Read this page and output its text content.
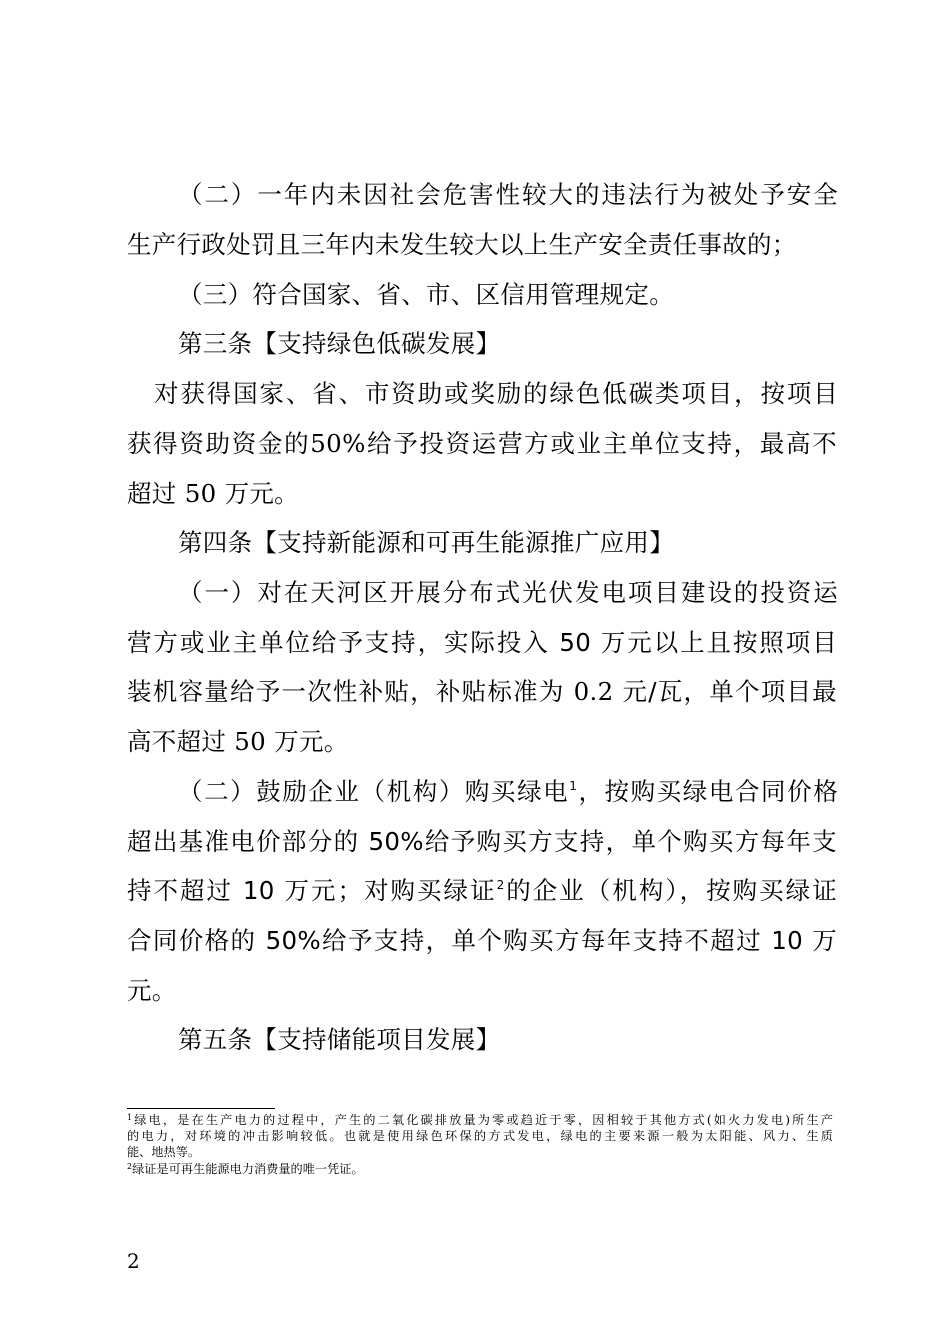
（二）一年内未因社会危害性较大的违法行为被处予安全
生产行政处罚且三年内未发生较大以上生产安全责任事故的；
（三）符合国家、省、市、区信用管理规定。
第三条【支持绿色低碳发展】
对获得国家、省、市资助或奖励的绿色低碳类项目，按项目
获得资助资金的50%给予投资运营方或业主单位支持，最高不
超过 50 万元。
第四条【支持新能源和可再生能源推广应用】
（一）对在天河区开展分布式光伏发电项目建设的投资运
营方或业主单位给予支持，实际投入 50 万元以上且按照项目
装机容量给予一次性补贴，补贴标准为 0.2 元/瓦，单个项目最
高不超过 50 万元。
（二）鼓励企业（机构）购买绿电$^1$，按购买绿电合同价格
超出基准电价部分的 50%给予购买方支持，单个购买方每年支
持不超过 10 万元；对购买绿证$^2$的企业（机构），按购买绿证
合同价格的 50%给予支持，单个购买方每年支持不超过 10 万
元。
第五条【支持储能项目发展】
$^1$绿电，是在生产电力的过程中，产生的二氧化碳排放量为零或趋近于零，因相较于其他方式(如火力发电)所生产
的电力，对环境的冲击影响较低。也就是使用绿色环保的方式发电，绿电的主要来源一般为太阳能、风力、生质
能、地热等。
$^2$绿证是可再生能源电力消费量的唯一凭证。
2
